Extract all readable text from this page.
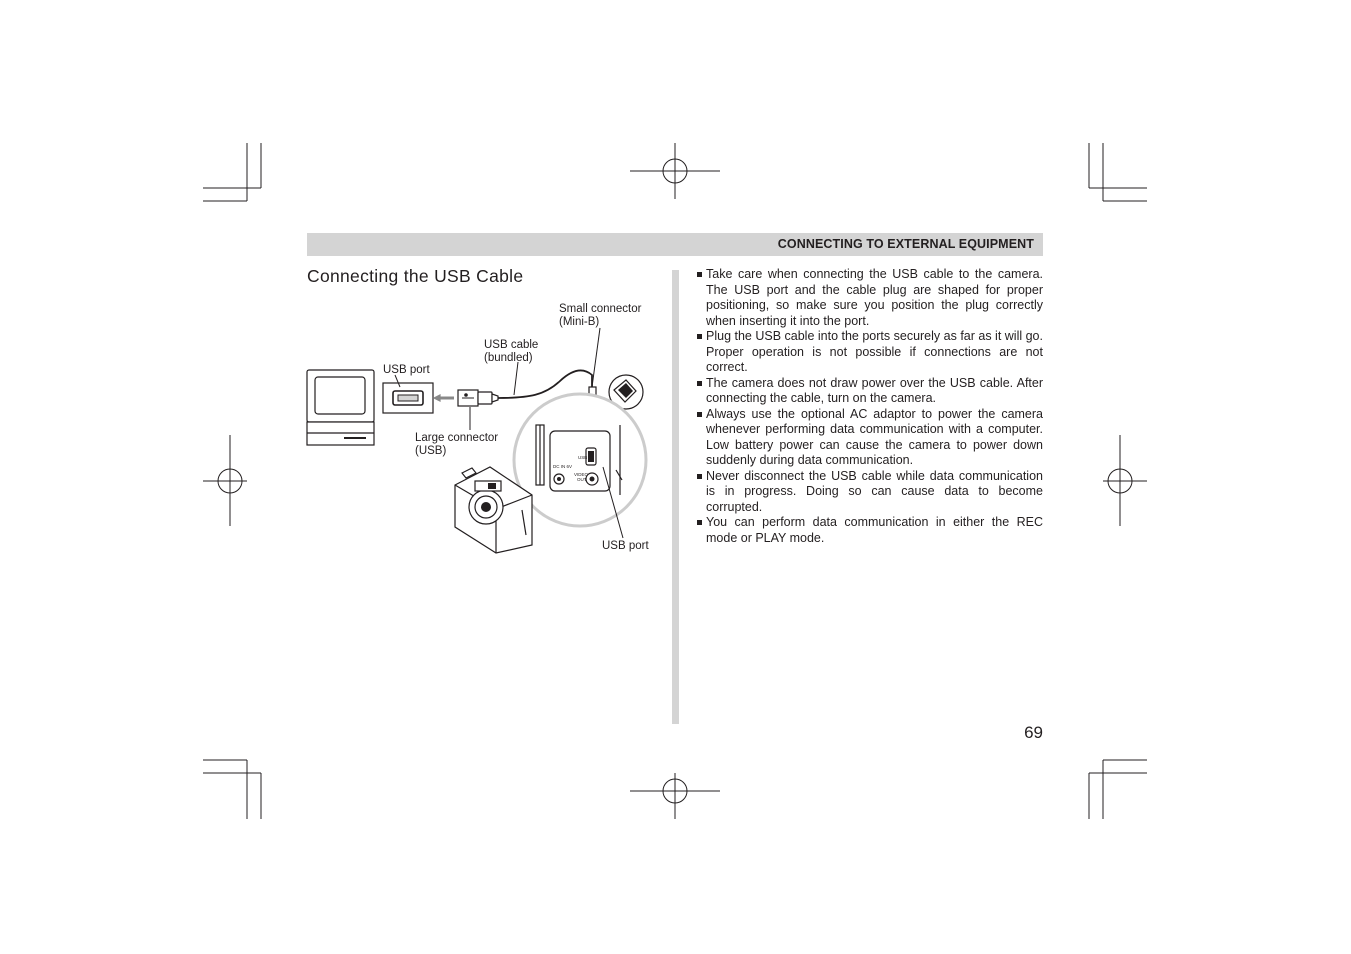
CONNECTING TO EXTERNAL EQUIPMENT
Connecting the USB Cable
USB
DC IN 6V
VIDEO
OUT
Small connector
(Mini-B)
USB cable
(bundled)
USB port
Large connector
(USB)
USB port
Take care when connecting the USB cable to the camera. The USB port and the cable plug are shaped for proper positioning, so make sure you position the plug correctly when inserting it into the port.
Plug the USB cable into the ports securely as far as it will go. Proper operation is not possible if connections are not correct.
The camera does not draw power over the USB cable. After connecting the cable, turn on the camera.
Always use the optional AC adaptor to power the camera whenever performing data communication with a computer. Low battery power can cause the camera to power down suddenly during data communication.
Never disconnect the USB cable while data communication is in progress. Doing so can cause data to become corrupted.
You can perform data communication in either the REC mode or PLAY mode.
69
